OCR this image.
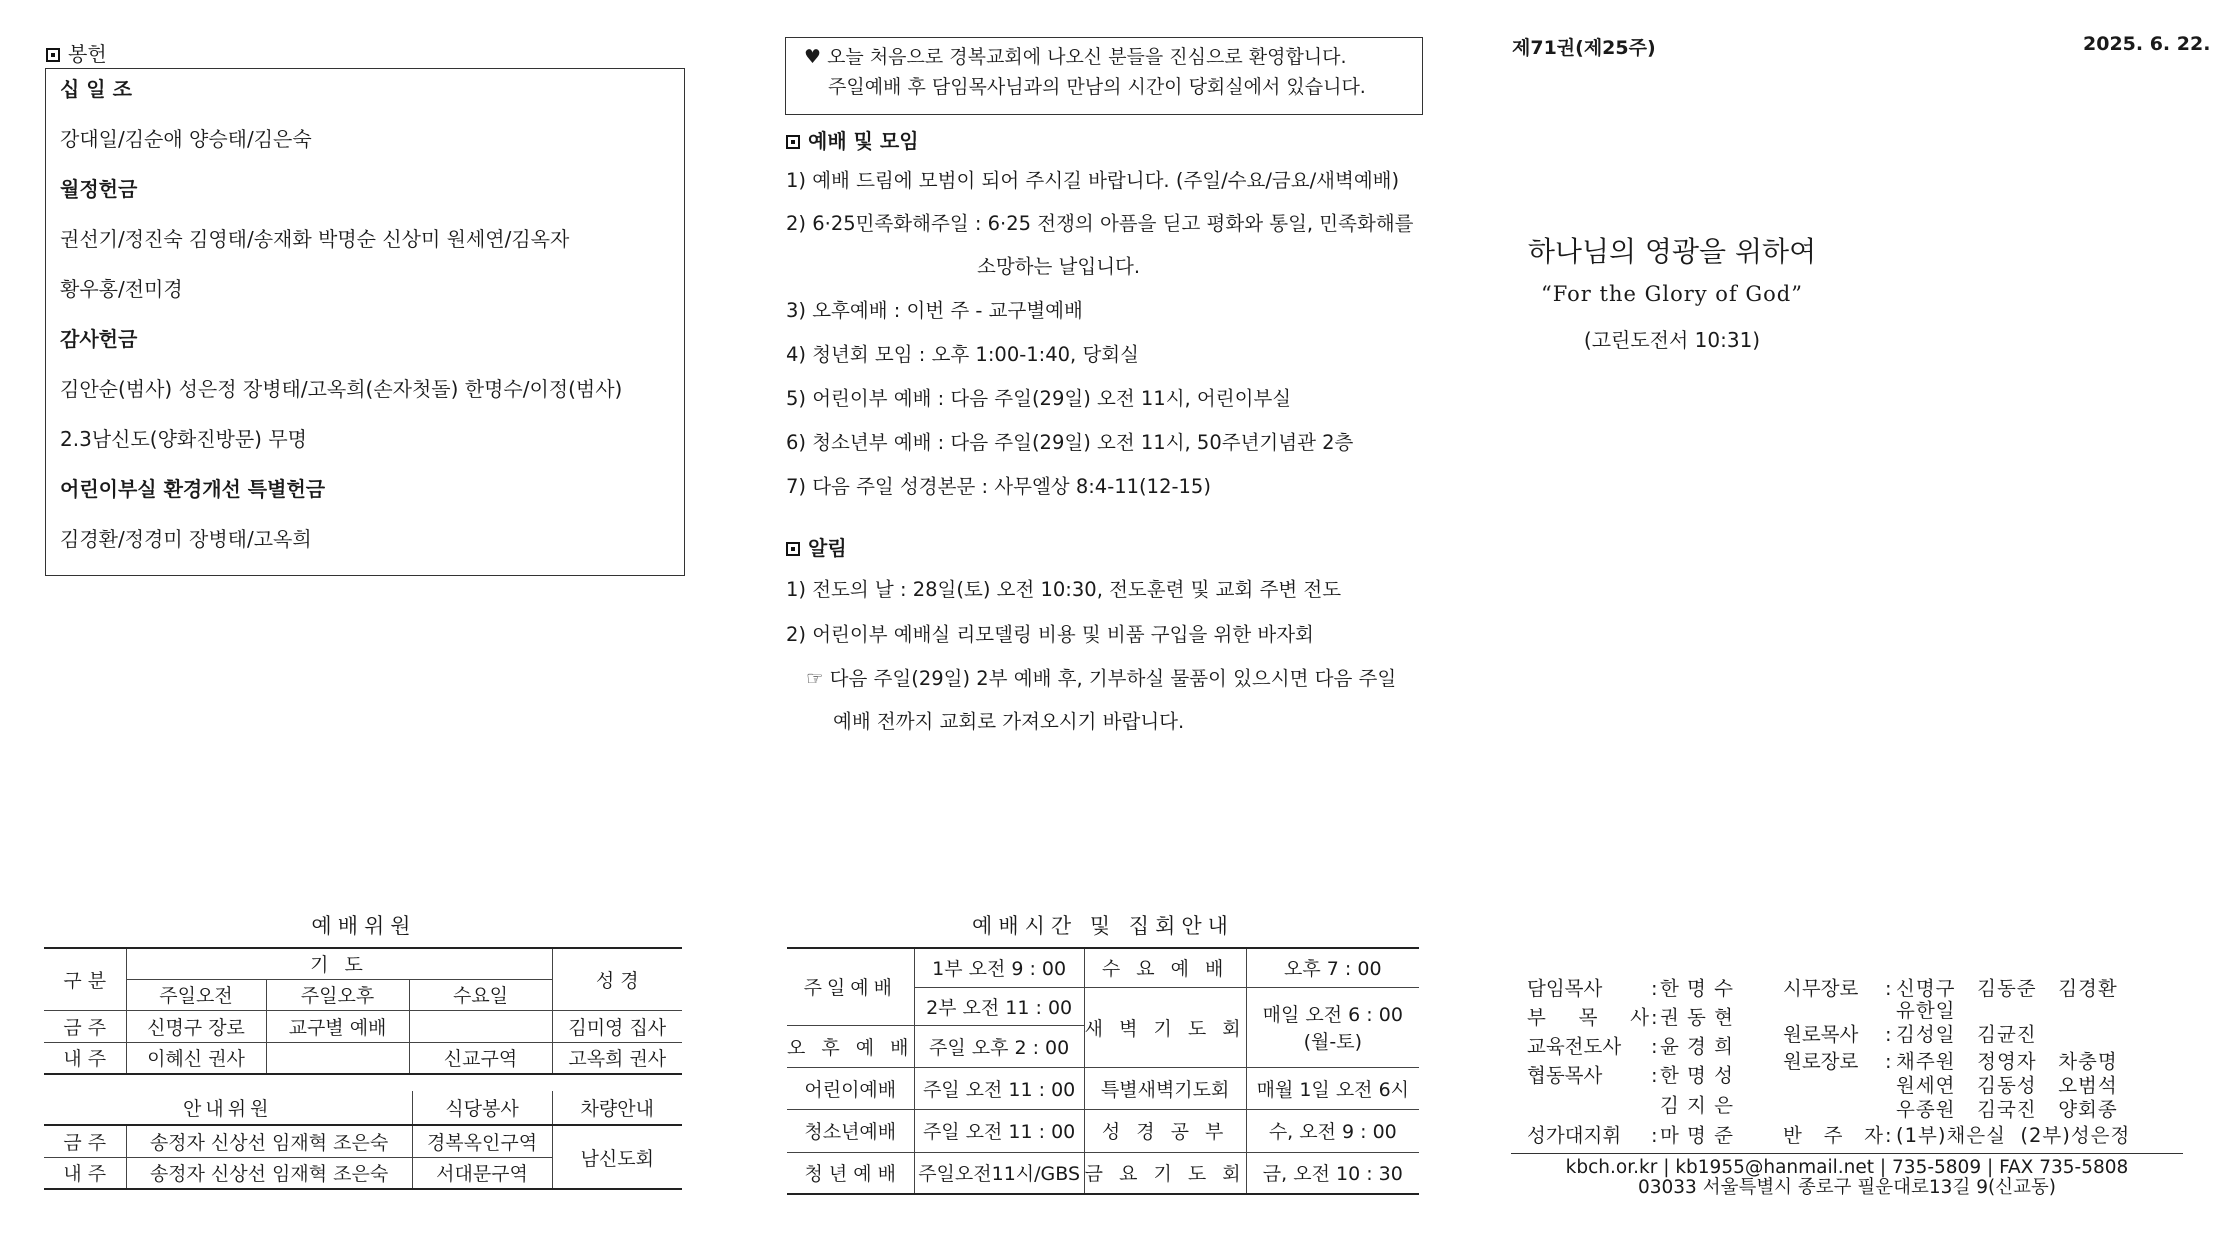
봉헌
십 일 조
강대일/김순애 양승태/김은숙
월정헌금
권선기/정진숙 김영태/송재화 박명순 신상미 원세연/김옥자
황우홍/전미경
감사헌금
김안순(범사) 성은정 장병태/고옥희(손자첫돌) 한명수/이정(범사)
2.3남신도(양화진방문) 무명
어린이부실 환경개선 특별헌금
김경환/정경미 장병태/고옥희
♥ 오늘 처음으로 경복교회에 나오신 분들을 진심으로 환영합니다.
주일예배 후 담임목사님과의 만남의 시간이 당회실에서 있습니다.
예배 및 모임
1) 예배 드림에 모범이 되어 주시길 바랍니다. (주일/수요/금요/새벽예배)
2) 6·25민족화해주일 : 6·25 전쟁의 아픔을 딛고 평화와 통일, 민족화해를
소망하는 날입니다.
3) 오후예배 : 이번 주 - 교구별예배
4) 청년회 모임 : 오후 1:00-1:40, 당회실
5) 어린이부 예배 : 다음 주일(29일) 오전 11시, 어린이부실
6) 청소년부 예배 : 다음 주일(29일) 오전 11시, 50주년기념관 2층
7) 다음 주일 성경본문 : 사무엘상 8:4-11(12-15)
알림
1) 전도의 날 : 28일(토) 오전 10:30, 전도훈련 및 교회 주변 전도
2) 어린이부 예배실 리모델링 비용 및 비품 구입을 위한 바자회
☞ 다음 주일(29일) 2부 예배 후, 기부하실 물품이 있으시면 다음 주일
예배 전까지 교회로 가져오시기 바랍니다.
제71권(제25주)	2025. 6. 22.
하나님의 영광을 위하여
“For the Glory of God”
(고린도전서 10:31)
예배위원
구 분	기 도			성 경
	주일오전	주일오후	수요일	
금 주	신명구 장로	교구별 예배		김미영 집사
내 주	이혜신 권사		신교구역	고옥희 권사
안내위원		식당봉사	차량안내
금 주	송정자 신상선 임재혁 조은숙	경복옥인구역	남신도회
내 주	송정자 신상선 임재혁 조은숙	서대문구역	
예배시간 및 집회안내
주일예배	1부 오전 9 : 00	수 요 예 배	오후 7 : 00
	2부 오전 11 : 00	새 벽 기 도 회	매일 오전 6 : 00
(월-토)

오 후 예 배	주일 오후 2 : 00		
어린이예배	주일 오전 11 : 00	특별새벽기도회	매월 1일 오전 6시
청소년예배	주일 오전 11 : 00	성 경 공 부	수, 오전 9 : 00
청 년 예 배	주일오전11시/GBS	금 요 기 도 회	금, 오전 10 : 30
담임목사	: 한 명 수
부 목 사 : 권 동 현
교육전도사	: 윤 경 희
협동목사	: 한 명 성
김 지 은
성가대지휘	: 마 명 준
시무장로	: 신명구   김동준   김경환
유한일
원로목사	: 김성일   김균진
원로장로	: 채주원   정영자   차충명
원세연   김동성   오범석
우종원   김국진   양회종
반 주 자 : (1부)채은실  (2부)성은정
kbch.or.kr | kb1955@hanmail.net | 735-5809 | FAX 735-5808
03033 서울특별시 종로구 필운대로13길 9(신교동)
